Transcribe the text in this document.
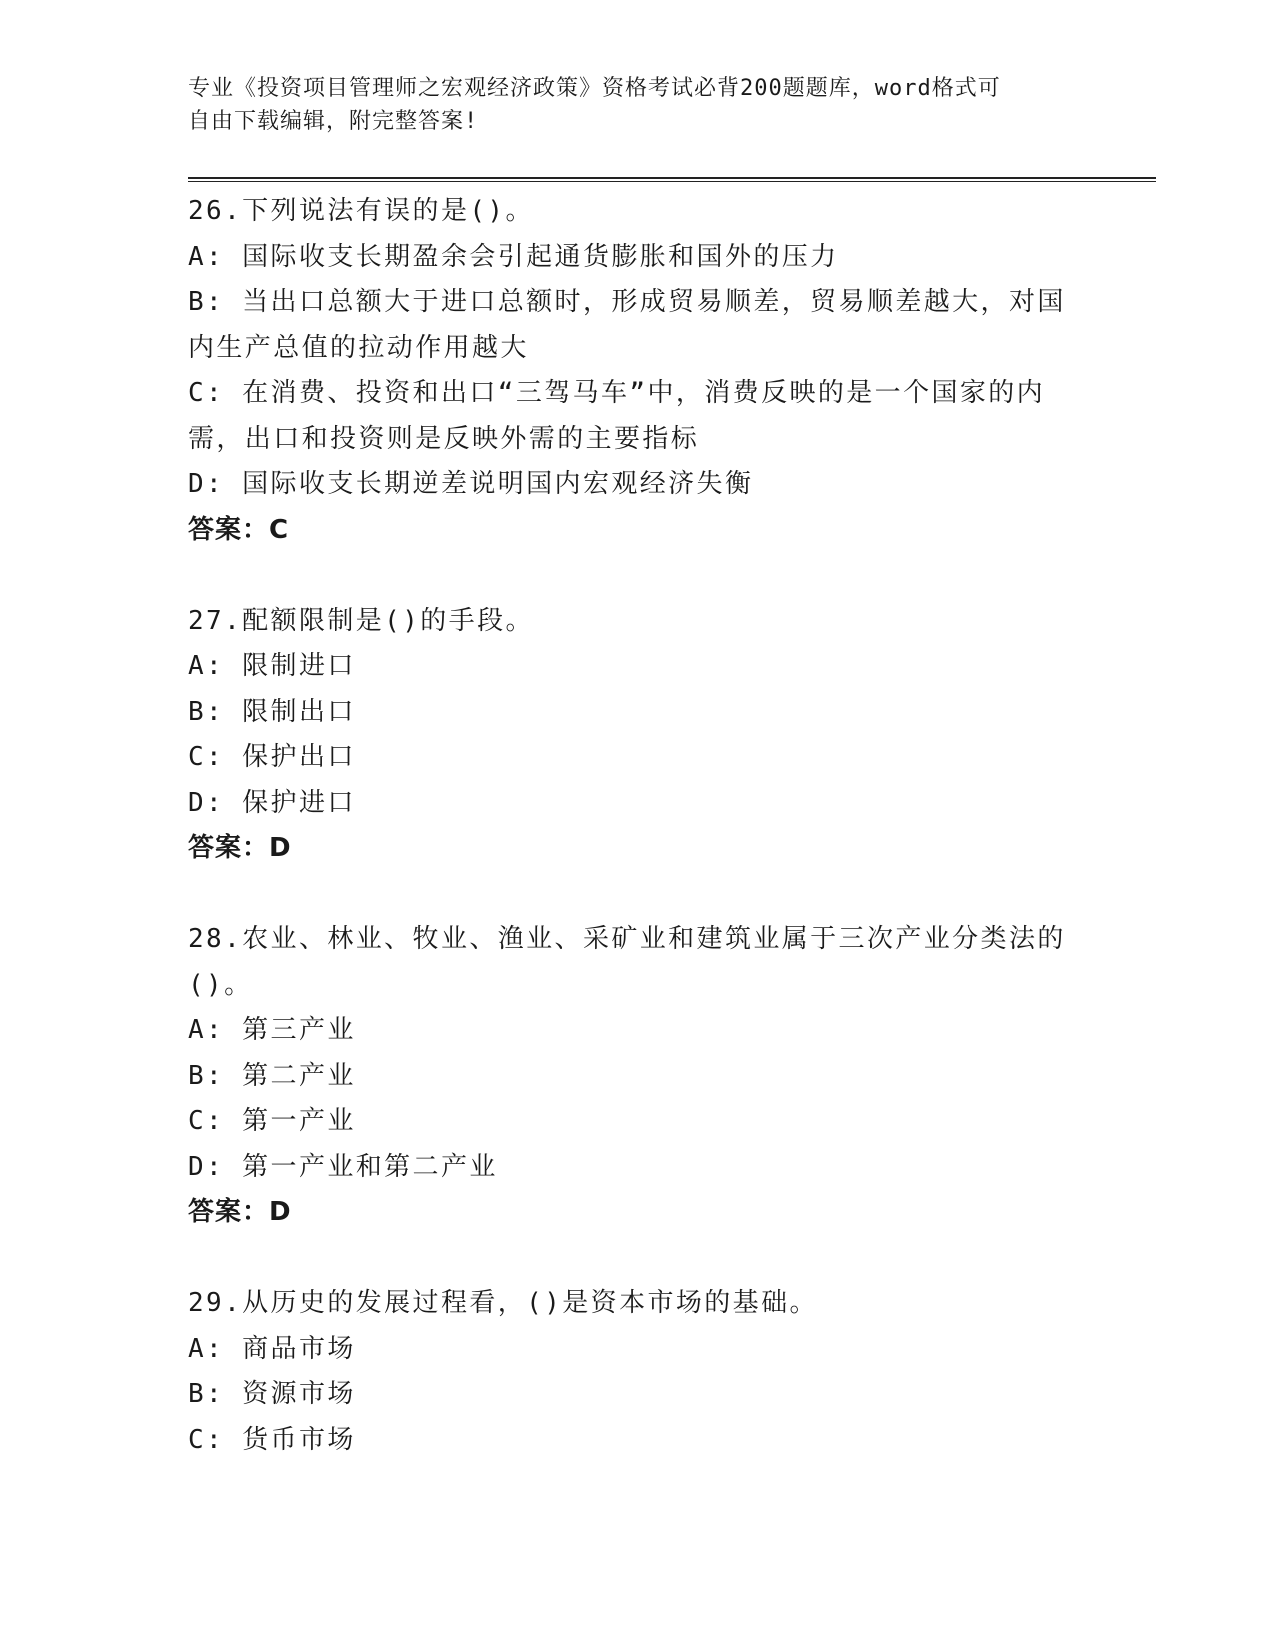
专业《投资项目管理师之宏观经济政策》资格考试必背200题题库，word格式可
自由下载编辑，附完整答案!
26.下列说法有误的是()。
A: 国际收支长期盈余会引起通货膨胀和国外的压力
B: 当出口总额大于进口总额时，形成贸易顺差，贸易顺差越大，对国
内生产总值的拉动作用越大
C: 在消费、投资和出口“三驾马车”中，消费反映的是一个国家的内
需，出口和投资则是反映外需的主要指标
D: 国际收支长期逆差说明国内宏观经济失衡
答案：C
27.配额限制是()的手段。
A: 限制进口
B: 限制出口
C: 保护出口
D: 保护进口
答案：D
28.农业、林业、牧业、渔业、采矿业和建筑业属于三次产业分类法的
()。
A: 第三产业
B: 第二产业
C: 第一产业
D: 第一产业和第二产业
答案：D
29.从历史的发展过程看，()是资本市场的基础。
A: 商品市场
B: 资源市场
C: 货币市场
